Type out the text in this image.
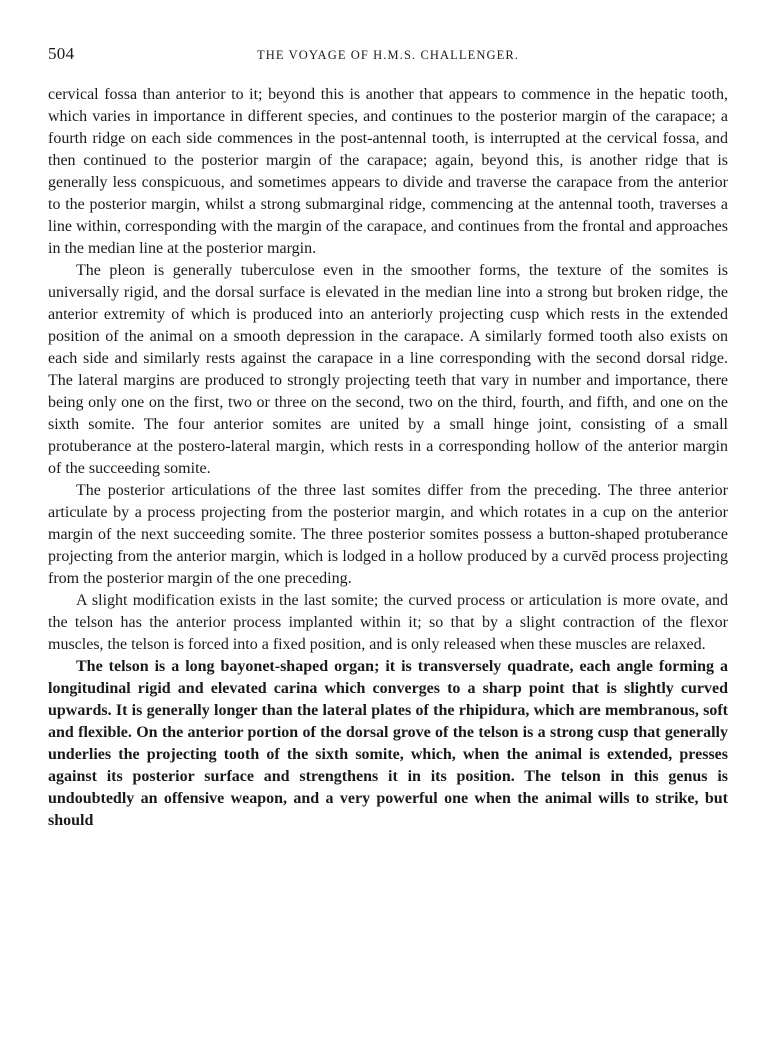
504	THE VOYAGE OF H.M.S. CHALLENGER.

cervical fossa than anterior to it; beyond this is another that appears to commence in the hepatic tooth, which varies in importance in different species, and continues to the posterior margin of the carapace; a fourth ridge on each side commences in the post-antennal tooth, is interrupted at the cervical fossa, and then continued to the posterior margin of the carapace; again, beyond this, is another ridge that is generally less conspicuous, and sometimes appears to divide and traverse the carapace from the anterior to the posterior margin, whilst a strong submarginal ridge, commencing at the antennal tooth, traverses a line within, corresponding with the margin of the carapace, and continues from the frontal and approaches in the median line at the posterior margin.

The pleon is generally tuberculose even in the smoother forms, the texture of the somites is universally rigid, and the dorsal surface is elevated in the median line into a strong but broken ridge, the anterior extremity of which is produced into an anteriorly projecting cusp which rests in the extended position of the animal on a smooth depression in the carapace. A similarly formed tooth also exists on each side and similarly rests against the carapace in a line corresponding with the second dorsal ridge. The lateral margins are produced to strongly projecting teeth that vary in number and importance, there being only one on the first, two or three on the second, two on the third, fourth, and fifth, and one on the sixth somite. The four anterior somites are united by a small hinge joint, consisting of a small protuberance at the postero-lateral margin, which rests in a corresponding hollow of the anterior margin of the succeeding somite.

The posterior articulations of the three last somites differ from the preceding. The three anterior articulate by a process projecting from the posterior margin, and which rotates in a cup on the anterior margin of the next succeeding somite. The three posterior somites possess a button-shaped protuberance projecting from the anterior margin, which is lodged in a hollow produced by a curvēd process projecting from the posterior margin of the one preceding.

A slight modification exists in the last somite; the curved process or articulation is more ovate, and the telson has the anterior process implanted within it; so that by a slight contraction of the flexor muscles, the telson is forced into a fixed position, and is only released when these muscles are relaxed.

The telson is a long bayonet-shaped organ; it is transversely quadrate, each angle forming a longitudinal rigid and elevated carina which converges to a sharp point that is slightly curved upwards. It is generally longer than the lateral plates of the rhipidura, which are membranous, soft and flexible. On the anterior portion of the dorsal grove of the telson is a strong cusp that generally underlies the projecting tooth of the sixth somite, which, when the animal is extended, presses against its posterior surface and strengthens it in its position. The telson in this genus is undoubtedly an offensive weapon, and a very powerful one when the animal wills to strike, but should
